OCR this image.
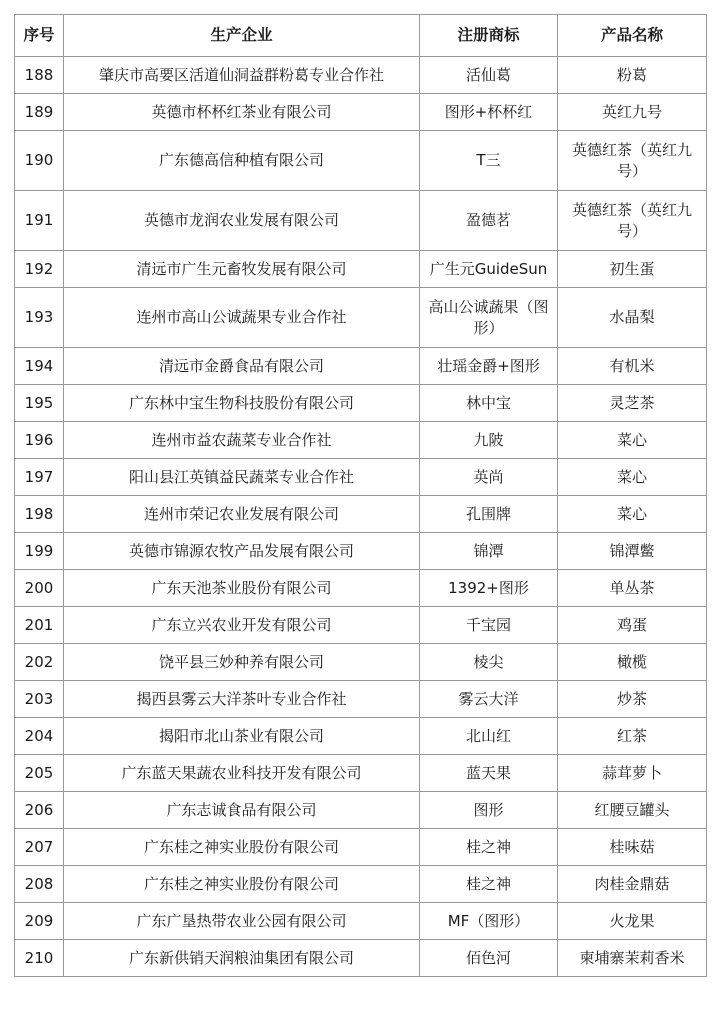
序号	生产企业	注册商标	产品名称
188	肇庆市高要区活道仙洞益群粉葛专业合作社	活仙葛	粉葛
189	英德市杯杯红茶业有限公司	图形+杯杯红	英红九号
190	广东德高信种植有限公司	T三	英德红茶（英红九号）
191	英德市龙润农业发展有限公司	盈德茗	英德红茶（英红九号）
192	清远市广生元畜牧发展有限公司	广生元GuideSun	初生蛋
193	连州市高山公诚蔬果专业合作社	高山公诚蔬果（图形）	水晶梨
194	清远市金爵食品有限公司	壮瑶金爵+图形	有机米
195	广东林中宝生物科技股份有限公司	林中宝	灵芝茶
196	连州市益农蔬菜专业合作社	九陂	菜心
197	阳山县江英镇益民蔬菜专业合作社	英尚	菜心
198	连州市荣记农业发展有限公司	孔围牌	菜心
199	英德市锦源农牧产品发展有限公司	锦潭	锦潭鳖
200	广东天池茶业股份有限公司	1392+图形	单丛茶
201	广东立兴农业开发有限公司	千宝园	鸡蛋
202	饶平县三妙种养有限公司	棱尖	橄榄
203	揭西县雾云大洋茶叶专业合作社	雾云大洋	炒茶
204	揭阳市北山茶业有限公司	北山红	红茶
205	广东蓝天果蔬农业科技开发有限公司	蓝天果	蒜茸萝卜
206	广东志诚食品有限公司	图形	红腰豆罐头
207	广东桂之神实业股份有限公司	桂之神	桂味菇
208	广东桂之神实业股份有限公司	桂之神	肉桂金鼎菇
209	广东广垦热带农业公园有限公司	MF（图形）	火龙果
210	广东新供销天润粮油集团有限公司	佰色河	柬埔寨茉莉香米
